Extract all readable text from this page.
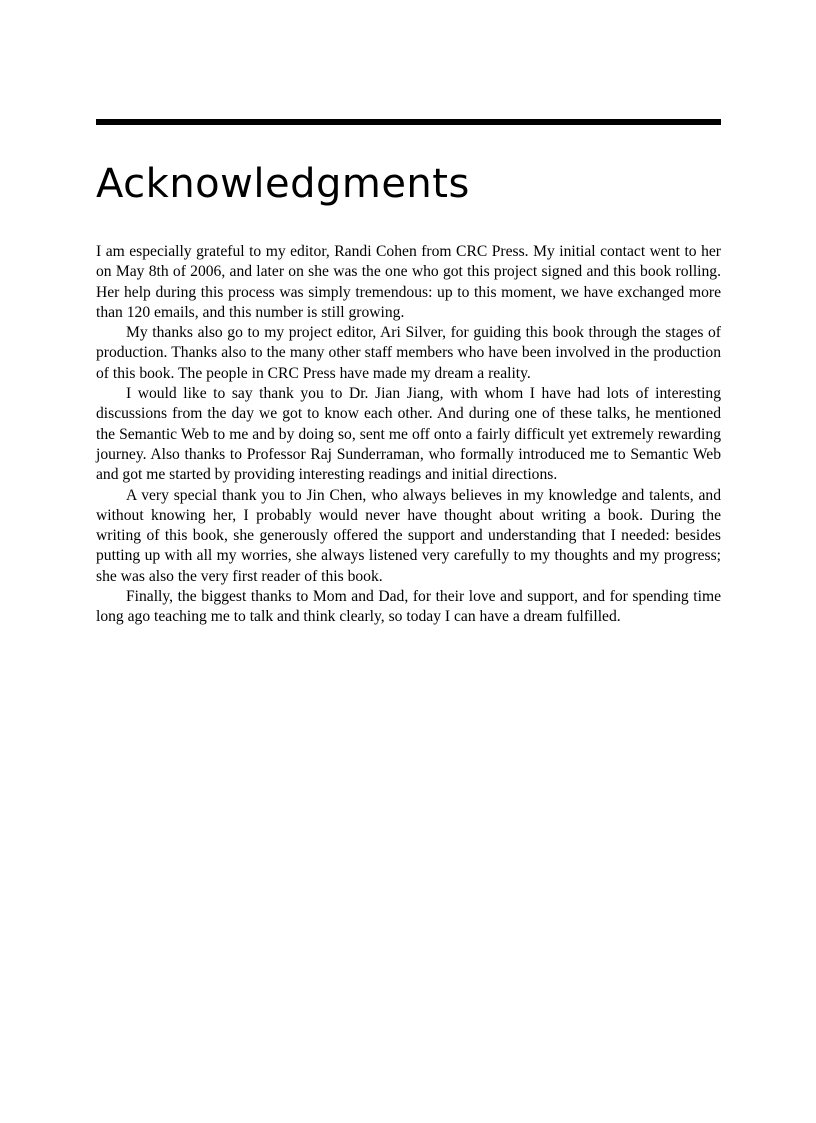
Acknowledgments

I am especially grateful to my editor, Randi Cohen from CRC Press. My initial contact went to her on May 8th of 2006, and later on she was the one who got this project signed and this book rolling. Her help during this process was simply tremendous: up to this moment, we have exchanged more than 120 emails, and this number is still growing.

My thanks also go to my project editor, Ari Silver, for guiding this book through the stages of production. Thanks also to the many other staff members who have been involved in the production of this book. The people in CRC Press have made my dream a reality.

I would like to say thank you to Dr. Jian Jiang, with whom I have had lots of interesting discussions from the day we got to know each other. And during one of these talks, he mentioned the Semantic Web to me and by doing so, sent me off onto a fairly difficult yet extremely rewarding journey. Also thanks to Professor Raj Sunderraman, who formally introduced me to Semantic Web and got me started by providing interesting readings and initial directions.

A very special thank you to Jin Chen, who always believes in my knowledge and talents, and without knowing her, I probably would never have thought about writing a book. During the writing of this book, she generously offered the support and understanding that I needed: besides putting up with all my worries, she always listened very carefully to my thoughts and my progress; she was also the very first reader of this book.

Finally, the biggest thanks to Mom and Dad, for their love and support, and for spending time long ago teaching me to talk and think clearly, so today I can have a dream fulfilled.
